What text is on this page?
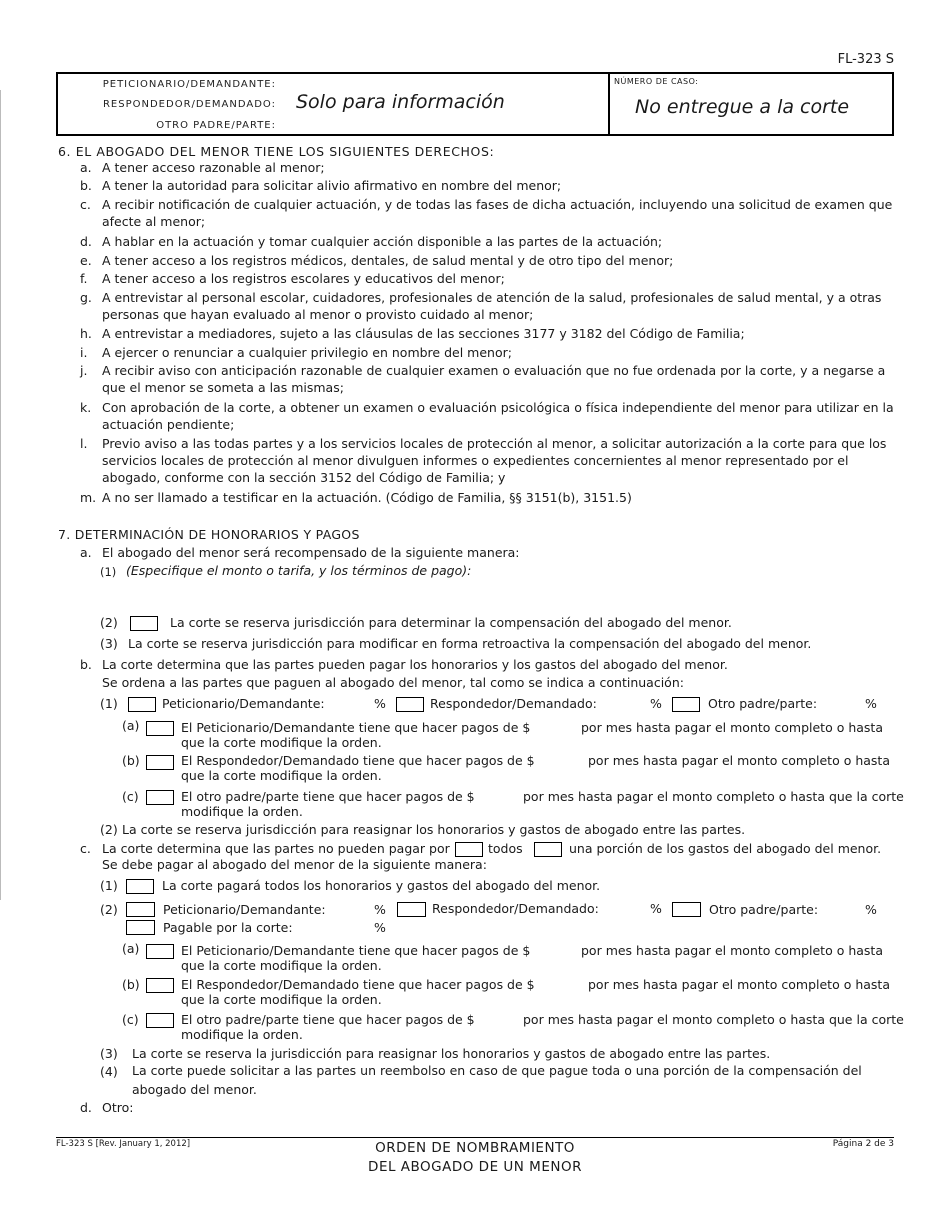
FL-323 S
PETICIONARIO/DEMANDANTE:
RESPONDEDOR/DEMANDADO:
OTRO PADRE/PARTE:
Solo para información
NÚMERO DE CASO:
No entregue a la corte
6. EL ABOGADO DEL MENOR TIENE LOS SIGUIENTES DERECHOS:
a. A tener acceso razonable al menor;
b. A tener la autoridad para solicitar alivio afirmativo en nombre del menor;
c. A recibir notificación de cualquier actuación, y de todas las fases de dicha actuación, incluyendo una solicitud de examen que
afecte al menor;
d. A hablar en la actuación y tomar cualquier acción disponible a las partes de la actuación;
e. A tener acceso a los registros médicos, dentales, de salud mental y de otro tipo del menor;
f. A tener acceso a los registros escolares y educativos del menor;
g. A entrevistar al personal escolar, cuidadores, profesionales de atención de la salud, profesionales de salud mental, y a otras
personas que hayan evaluado al menor o provisto cuidado al menor;
h. A entrevistar a mediadores, sujeto a las cláusulas de las secciones 3177 y 3182 del Código de Familia;
i. A ejercer o renunciar a cualquier privilegio en nombre del menor;
j. A recibir aviso con anticipación razonable de cualquier examen o evaluación que no fue ordenada por la corte, y a negarse a
que el menor se someta a las mismas;
k. Con aprobación de la corte, a obtener un examen o evaluación psicológica o física independiente del menor para utilizar en la
actuación pendiente;
l. Previo aviso a las todas partes y a los servicios locales de protección al menor, a solicitar autorización a la corte para que los
servicios locales de protección al menor divulguen informes o expedientes concernientes al menor representado por el
abogado, conforme con la sección 3152 del Código de Familia; y
m. A no ser llamado a testificar en la actuación. (Código de Familia, §§ 3151(b), 3151.5)
7. DETERMINACIÓN DE HONORARIOS Y PAGOS
a. El abogado del menor será recompensado de la siguiente manera:
(1) (Especifique el monto o tarifa, y los términos de pago):
(2)	La corte se reserva jurisdicción para determinar la compensación del abogado del menor.
(3) La corte se reserva jurisdicción para modificar en forma retroactiva la compensación del abogado del menor.
b. La corte determina que las partes pueden pagar los honorarios y los gastos del abogado del menor.
Se ordena a las partes que paguen al abogado del menor, tal como se indica a continuación:
(1)	Peticionario/Demandante:	%	Respondedor/Demandado:	%	Otro padre/parte:	%
(a)	El Peticionario/Demandante tiene que hacer pagos de $	por mes hasta pagar el monto completo o hasta
que la corte modifique la orden.
(b)	El Respondedor/Demandado tiene que hacer pagos de $	por mes hasta pagar el monto completo o hasta
que la corte modifique la orden.
(c)	El otro padre/parte tiene que hacer pagos de $	por mes hasta pagar el monto completo o hasta que la corte
modifique la orden.
(2) La corte se reserva jurisdicción para reasignar los honorarios y gastos de abogado entre las partes.
c. La corte determina que las partes no pueden pagar por	todos	una porción de los gastos del abogado del menor.
Se debe pagar al abogado del menor de la siguiente manera:
(1)	La corte pagará todos los honorarios y gastos del abogado del menor.
(2)	Peticionario/Demandante:	%	Respondedor/Demandado:	%	Otro padre/parte:	%
Pagable por la corte:	%
(a)	El Peticionario/Demandante tiene que hacer pagos de $	por mes hasta pagar el monto completo o hasta
que la corte modifique la orden.
(b)	El Respondedor/Demandado tiene que hacer pagos de $	por mes hasta pagar el monto completo o hasta
que la corte modifique la orden.
(c)	El otro padre/parte tiene que hacer pagos de $	por mes hasta pagar el monto completo o hasta que la corte
modifique la orden.
(3) La corte se reserva la jurisdicción para reasignar los honorarios y gastos de abogado entre las partes.
(4) La corte puede solicitar a las partes un reembolso en caso de que pague toda o una porción de la compensación del
abogado del menor.
d. Otro:
FL-323 S [Rev. January 1, 2012]	ORDEN DE NOMBRAMIENTO
DEL ABOGADO DE UN MENOR
Página 2 de 3
